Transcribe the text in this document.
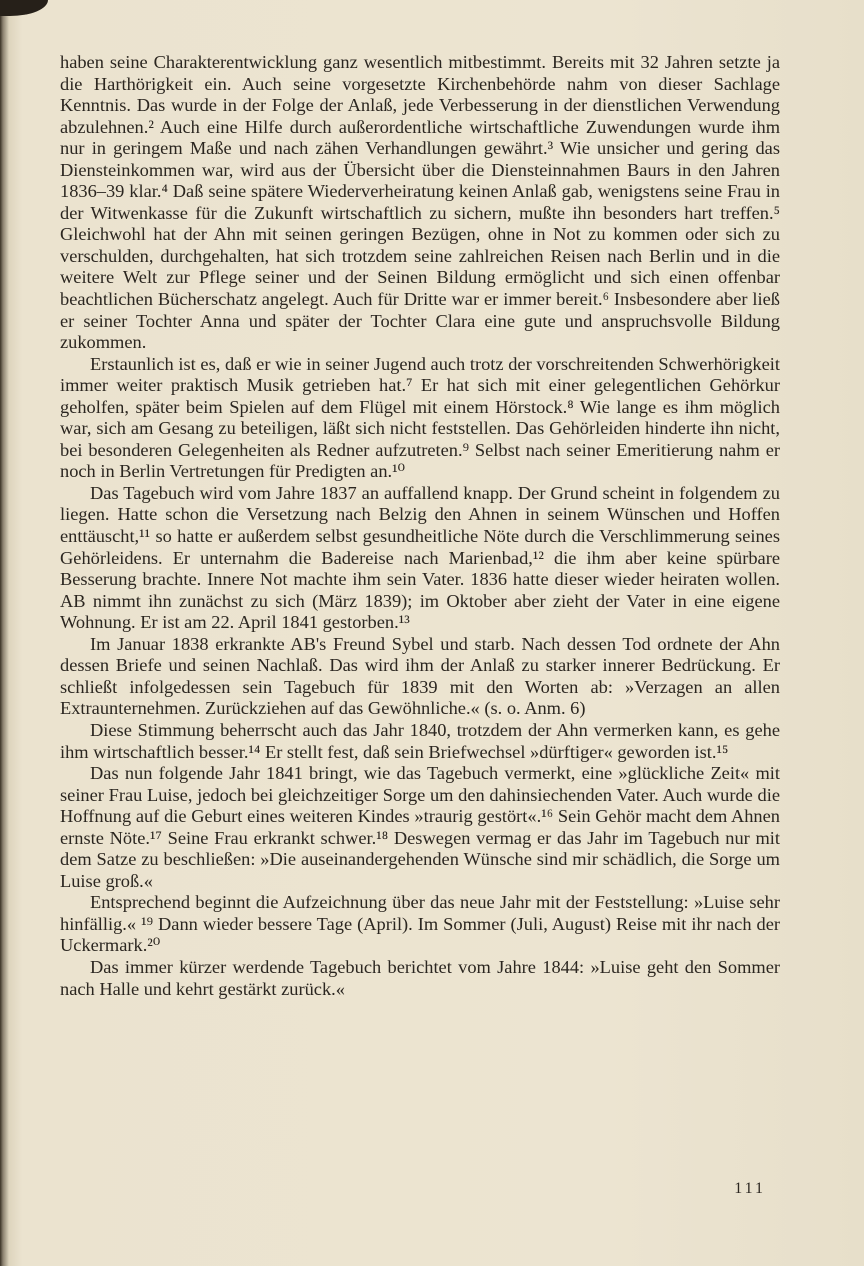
haben seine Charakterentwicklung ganz wesentlich mitbestimmt. Bereits mit 32 Jahren setzte ja die Harthörigkeit ein. Auch seine vorgesetzte Kirchenbehörde nahm von dieser Sachlage Kenntnis. Das wurde in der Folge der Anlaß, jede Verbesserung in der dienstlichen Verwendung abzulehnen.² Auch eine Hilfe durch außerordentliche wirtschaftliche Zuwendungen wurde ihm nur in geringem Maße und nach zähen Verhandlungen gewährt.³ Wie unsicher und gering das Diensteinkommen war, wird aus der Übersicht über die Diensteinnahmen Baurs in den Jahren 1836–39 klar.⁴ Daß seine spätere Wiederverheiratung keinen Anlaß gab, wenigstens seine Frau in der Witwenkasse für die Zukunft wirtschaftlich zu sichern, mußte ihn besonders hart treffen.⁵ Gleichwohl hat der Ahn mit seinen geringen Bezügen, ohne in Not zu kommen oder sich zu verschulden, durchgehalten, hat sich trotzdem seine zahlreichen Reisen nach Berlin und in die weitere Welt zur Pflege seiner und der Seinen Bildung ermöglicht und sich einen offenbar beachtlichen Bücherschatz angelegt. Auch für Dritte war er immer bereit.⁶ Insbesondere aber ließ er seiner Tochter Anna und später der Tochter Clara eine gute und anspruchsvolle Bildung zukommen.

Erstaunlich ist es, daß er wie in seiner Jugend auch trotz der vorschreitenden Schwerhörigkeit immer weiter praktisch Musik getrieben hat.⁷ Er hat sich mit einer gelegentlichen Gehörkur geholfen, später beim Spielen auf dem Flügel mit einem Hörstock.⁸ Wie lange es ihm möglich war, sich am Gesang zu beteiligen, läßt sich nicht feststellen. Das Gehörleiden hinderte ihn nicht, bei besonderen Gelegenheiten als Redner aufzutreten.⁹ Selbst nach seiner Emeritierung nahm er noch in Berlin Vertretungen für Predigten an.¹⁰

Das Tagebuch wird vom Jahre 1837 an auffallend knapp. Der Grund scheint in folgendem zu liegen. Hatte schon die Versetzung nach Belzig den Ahnen in seinem Wünschen und Hoffen enttäuscht,¹¹ so hatte er außerdem selbst gesundheitliche Nöte durch die Verschlimmerung seines Gehörleidens. Er unternahm die Badereise nach Marienbad,¹² die ihm aber keine spürbare Besserung brachte. Innere Not machte ihm sein Vater. 1836 hatte dieser wieder heiraten wollen. AB nimmt ihn zunächst zu sich (März 1839); im Oktober aber zieht der Vater in eine eigene Wohnung. Er ist am 22. April 1841 gestorben.¹³

Im Januar 1838 erkrankte AB's Freund Sybel und starb. Nach dessen Tod ordnete der Ahn dessen Briefe und seinen Nachlaß. Das wird ihm der Anlaß zu starker innerer Bedrückung. Er schließt infolgedessen sein Tagebuch für 1839 mit den Worten ab: »Verzagen an allen Extraunternehmen. Zurückziehen auf das Gewöhnliche.« (s. o. Anm. 6)

Diese Stimmung beherrscht auch das Jahr 1840, trotzdem der Ahn vermerken kann, es gehe ihm wirtschaftlich besser.¹⁴ Er stellt fest, daß sein Briefwechsel »dürftiger« geworden ist.¹⁵

Das nun folgende Jahr 1841 bringt, wie das Tagebuch vermerkt, eine »glückliche Zeit« mit seiner Frau Luise, jedoch bei gleichzeitiger Sorge um den dahinsiechenden Vater. Auch wurde die Hoffnung auf die Geburt eines weiteren Kindes »traurig gestört«.¹⁶ Sein Gehör macht dem Ahnen ernste Nöte.¹⁷ Seine Frau erkrankt schwer.¹⁸ Deswegen vermag er das Jahr im Tagebuch nur mit dem Satze zu beschließen: »Die auseinandergehenden Wünsche sind mir schädlich, die Sorge um Luise groß.«

Entsprechend beginnt die Aufzeichnung über das neue Jahr mit der Feststellung: »Luise sehr hinfällig.« ¹⁹ Dann wieder bessere Tage (April). Im Sommer (Juli, August) Reise mit ihr nach der Uckermark.²⁰

Das immer kürzer werdende Tagebuch berichtet vom Jahre 1844: »Luise geht den Sommer nach Halle und kehrt gestärkt zurück.«

111
